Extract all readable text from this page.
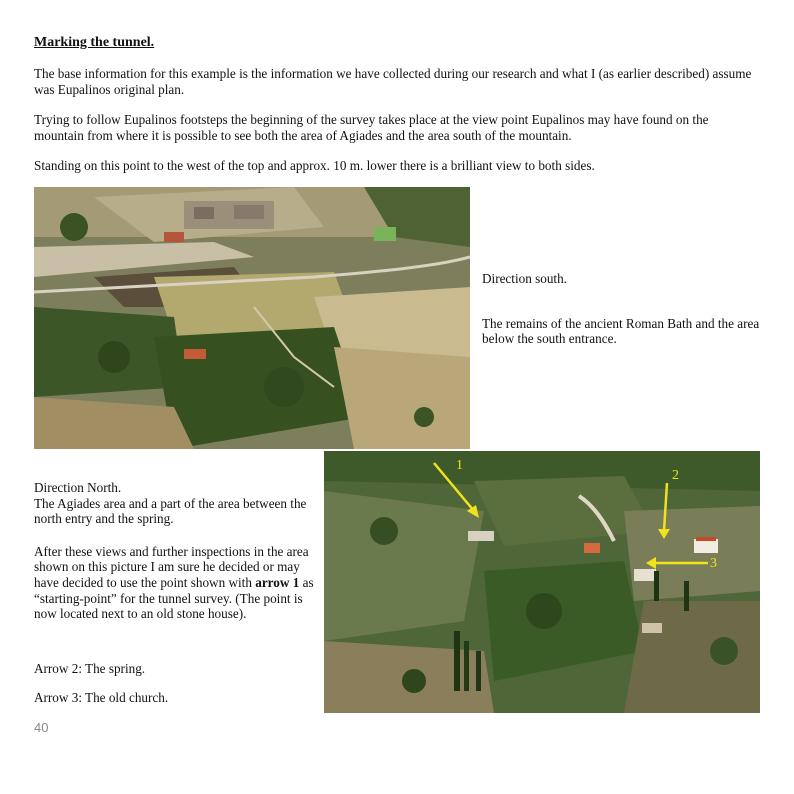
Marking the tunnel.
The base information for this example is the information we have collected during our research and what I (as earlier described) assume was Eupalinos original plan.
Trying to follow Eupalinos footsteps the beginning of the survey takes place at the view point Eupalinos may have found on the mountain from where it is possible to see both the area of Agiades and the area south of the mountain.
Standing on this point to the west of the top and approx. 10 m. lower there is a brilliant view to both sides.

Direction south.

The remains of the ancient Roman Bath and the area below the south entrance.

1
2
3
Direction North.
The Agiades area and a part of the area between the north entry and the spring.

After these views and further inspections in the area shown on this picture I am sure he decided or may have decided to use the point shown with arrow 1 as “starting-point” for the tunnel survey. (The point is now located next to an old stone house).

Arrow 2: The spring.
Arrow 3: The old church.
40
